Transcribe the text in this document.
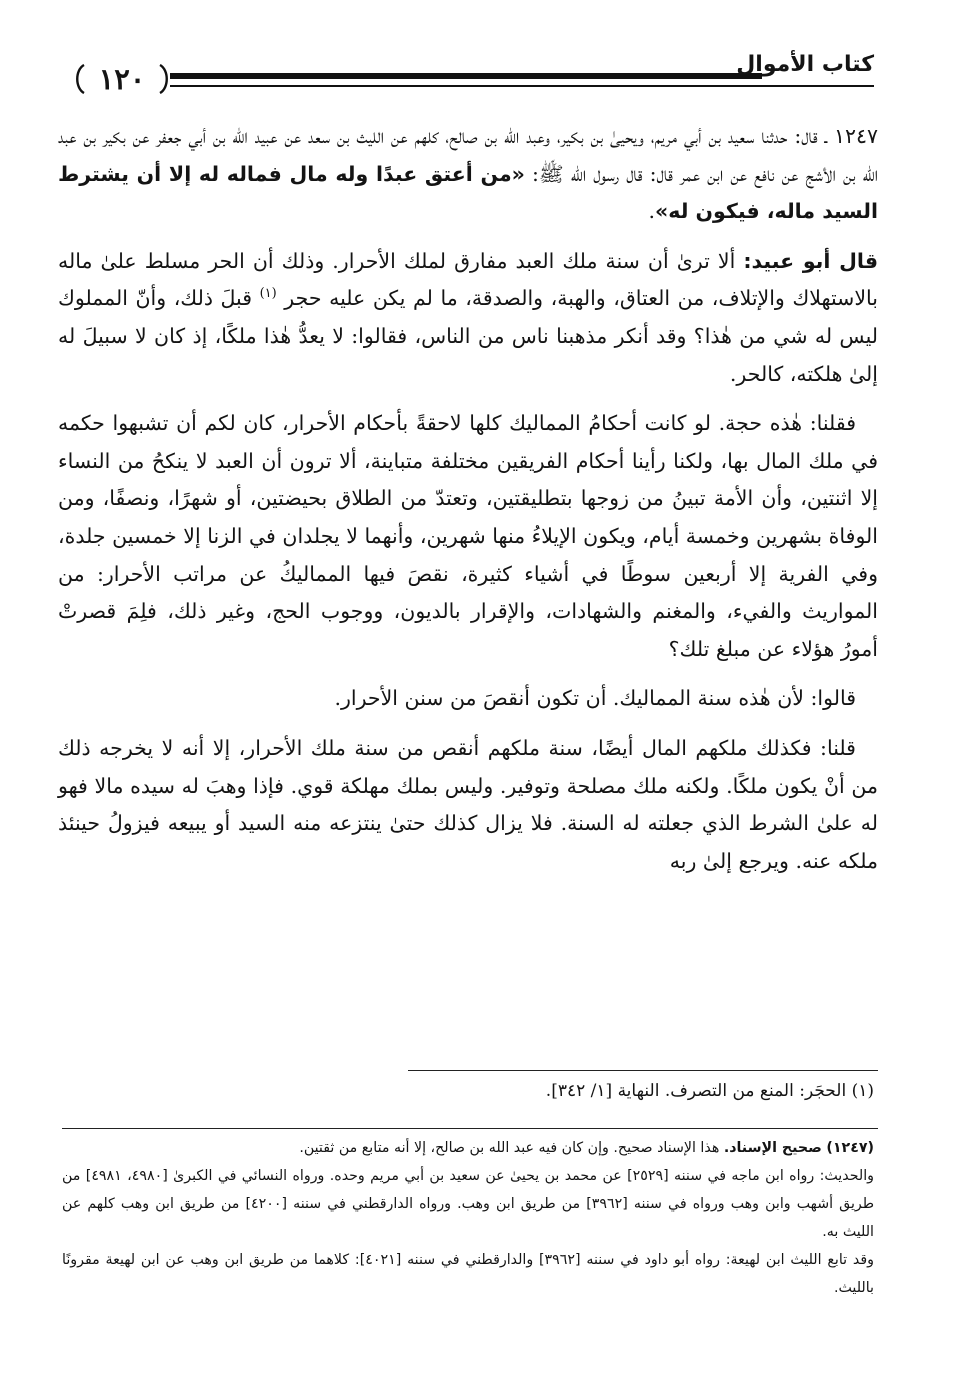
١٢٠	كتاب الأموال

١٢٤٧ ـ قال: حدثنا سعيد بن أبي مريم، ويحيىٰ بن بكير، وعبد الله بن صالح، كلهم عن الليث بن سعد عن عبيد الله بن أبي جعفر عن بكير بن عبد الله بن الأشج عن نافع عن ابن عمر قال: قال رسول الله ﷺ: «من أعتق عبدًا وله مال فماله له إلا أن يشترط السيد ماله، فيكون له».

قال أبو عبيد: ألا ترىٰ أن سنة ملك العبد مفارق لملك الأحرار. وذلك أن الحر مسلط علىٰ ماله بالاستهلاك والإتلاف، من العتاق، والهبة، والصدقة، ما لم يكن عليه حجر $^{(١)}$ قبلَ ذلك، وأنّ المملوك ليس له شي من هٰذا؟ وقد أنكر مذهبنا ناس من الناس، فقالوا: لا يعدُّ هٰذا ملكًا، إذ كان لا سبيلَ له إلىٰ هلكته، كالحر.

فقلنا: هٰذه حجة. لو كانت أحكامُ المماليك كلها لاحقةً بأحكام الأحرار، كان لكم أن تشبهوا حكمه في ملك المال بها، ولكنا رأينا أحكام الفريقين مختلفة متباينة، ألا ترون أن العبد لا ينكحُ من النساء إلا اثنتين، وأن الأمة تبينُ من زوجها بتطليقتين، وتعتدّ من الطلاق بحيضتين، أو شهرًا، ونصفًا، ومن الوفاة بشهرين وخمسة أيام، ويكون الإيلاءُ منها شهرين، وأنهما لا يجلدان في الزنا إلا خمسين جلدة، وفي الفرية إلا أربعين سوطًا في أشياء كثيرة، نقصَ فيها المماليكُ عن مراتب الأحرار: من المواريث والفيء، والمغنم والشهادات، والإقرار بالديون، ووجوب الحج، وغير ذلك، فلِمَ قصرتْ أمورُ هؤلاء عن مبلغ تلك؟

قالوا: لأن هٰذه سنة المماليك. أن تكون أنقصَ من سنن الأحرار.

قلنا: فكذلك ملكهم المال أيضًا، سنة ملكهم أنقص من سنة ملك الأحرار، إلا أنه لا يخرجه ذلك من أنْ يكون ملكًا. ولكنه ملك مصلحة وتوفير. وليس بملك مهلكة قوي. فإذا وهبَ له سيده مالا فهو له علىٰ الشرط الذي جعلته له السنة. فلا يزال كذلك حتىٰ ينتزعه منه السيد أو يبيعه فيزولُ حينئذ ملكه عنه. ويرجع إلىٰ ربه

(١) الحجَر: المنع من التصرف. النهاية [١/ ٣٤٢].

(١٢٤٧) صحيح الإسناد. هذا الإسناد صحيح. وإن كان فيه عبد الله بن صالح، إلا أنه متابع من ثقتين.

والحديث: رواه ابن ماجه في سننه [٢٥٢٩] عن محمد بن يحيىٰ عن سعيد بن أبي مريم وحده. ورواه النسائي في الكبرىٰ [٤٩٨٠، ٤٩٨١] من طريق أشهب وابن وهب ورواه في سننه [٣٩٦٢] من طريق ابن وهب. ورواه الدارقطني في سننه [٤٢٠٠] من طريق ابن وهب كلهم عن الليث به.

وقد تابع الليث ابن لهيعة: رواه أبو داود في سننه [٣٩٦٢] والدارقطني في سننه [٤٠٢١]: كلاهما من طريق ابن وهب عن ابن لهيعة مقرونًا بالليث.
